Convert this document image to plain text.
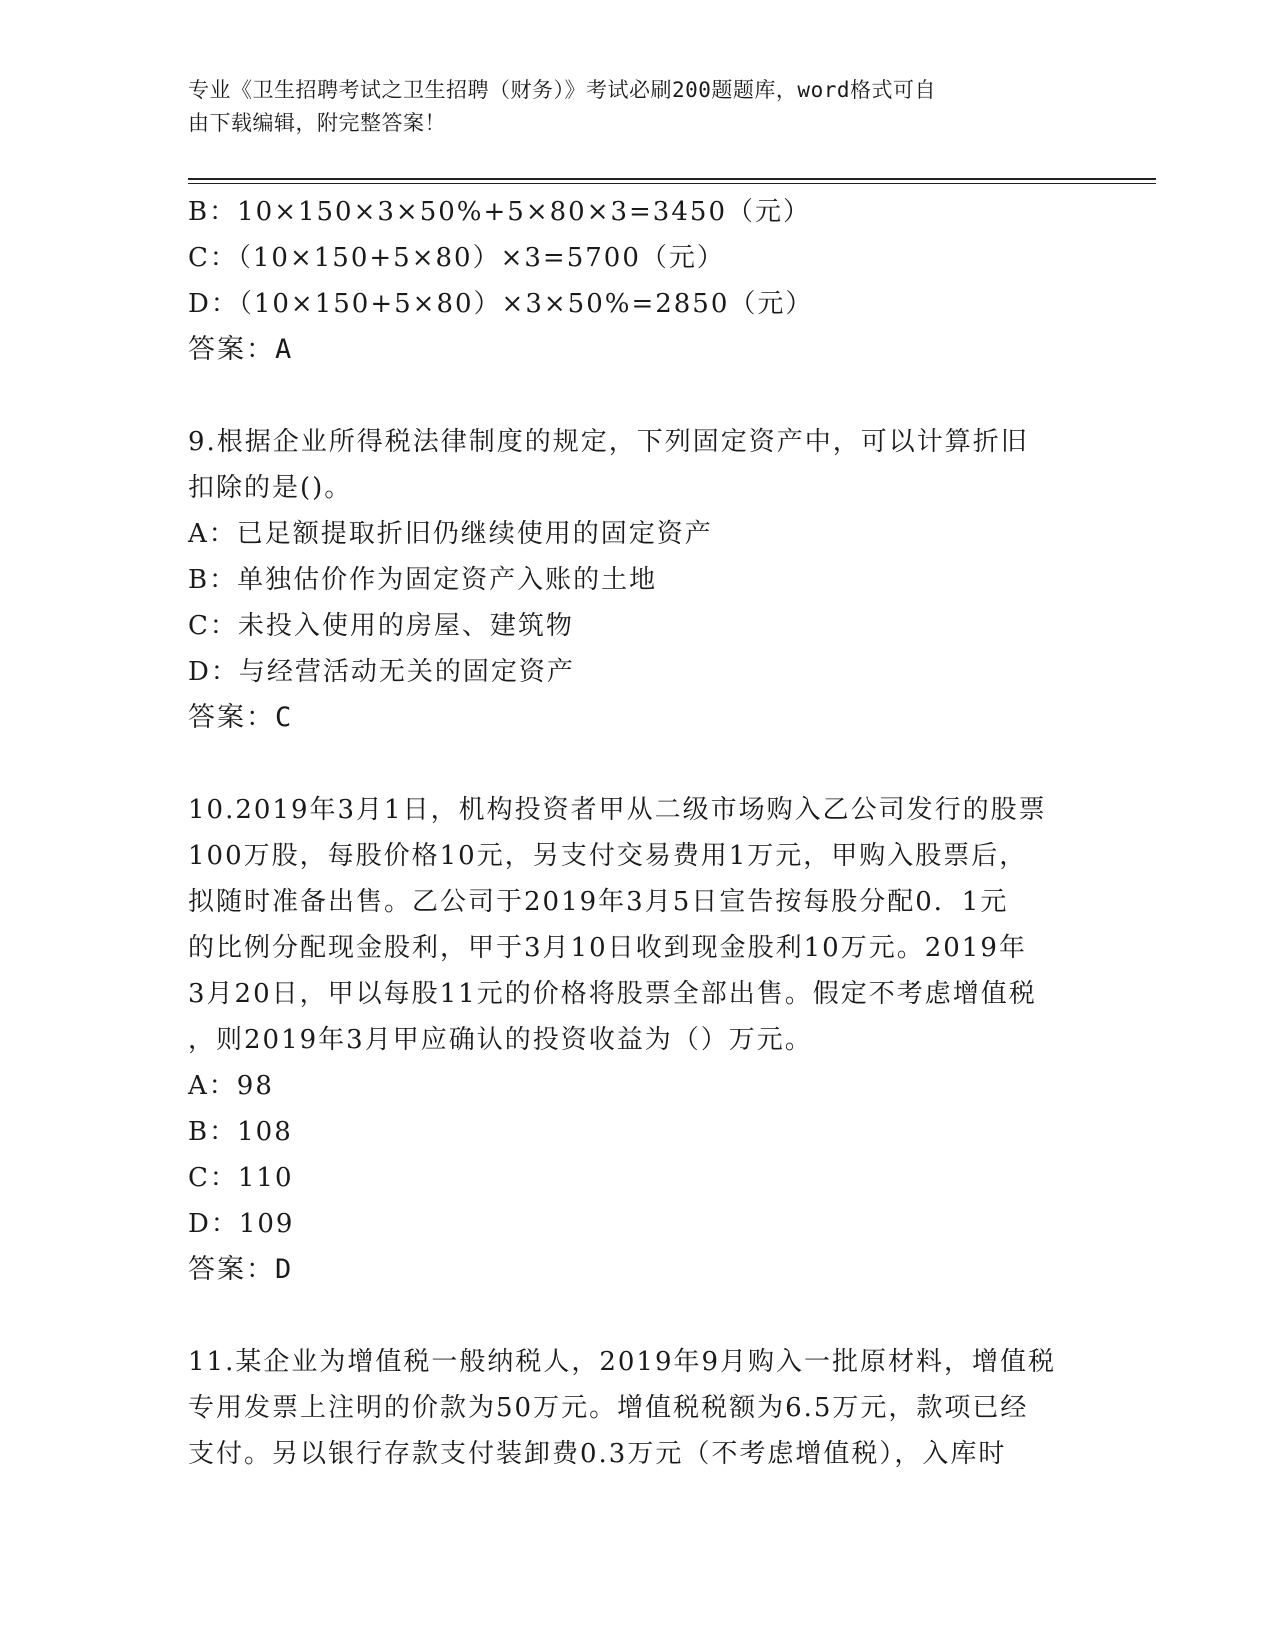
专业《卫生招聘考试之卫生招聘（财务）》考试必刷200题题库，word格式可自
由下载编辑，附完整答案！
B：10×150×3×50%+5×80×3=3450（元）
C：（10×150+5×80）×3=5700（元）
D：（10×150+5×80）×3×50%=2850（元）
答案：A
9.根据企业所得税法律制度的规定，下列固定资产中，可以计算折旧
扣除的是()。
A：已足额提取折旧仍继续使用的固定资产
B：单独估价作为固定资产入账的土地
C：未投入使用的房屋、建筑物
D：与经营活动无关的固定资产
答案：C
10.2019年3月1日，机构投资者甲从二级市场购入乙公司发行的股票
100万股，每股价格10元，另支付交易费用1万元，甲购入股票后，
拟随时准备出售。乙公司于2019年3月5日宣告按每股分配0．1元
的比例分配现金股利，甲于3月10日收到现金股利10万元。2019年
3月20日，甲以每股11元的价格将股票全部出售。假定不考虑增值税
，则2019年3月甲应确认的投资收益为（）万元。
A：98
B：108
C：110
D：109
答案：D
11.某企业为增值税一般纳税人，2019年9月购入一批原材料，增值税
专用发票上注明的价款为50万元。增值税税额为6.5万元，款项已经
支付。另以银行存款支付装卸费0.3万元（不考虑增值税），入库时
